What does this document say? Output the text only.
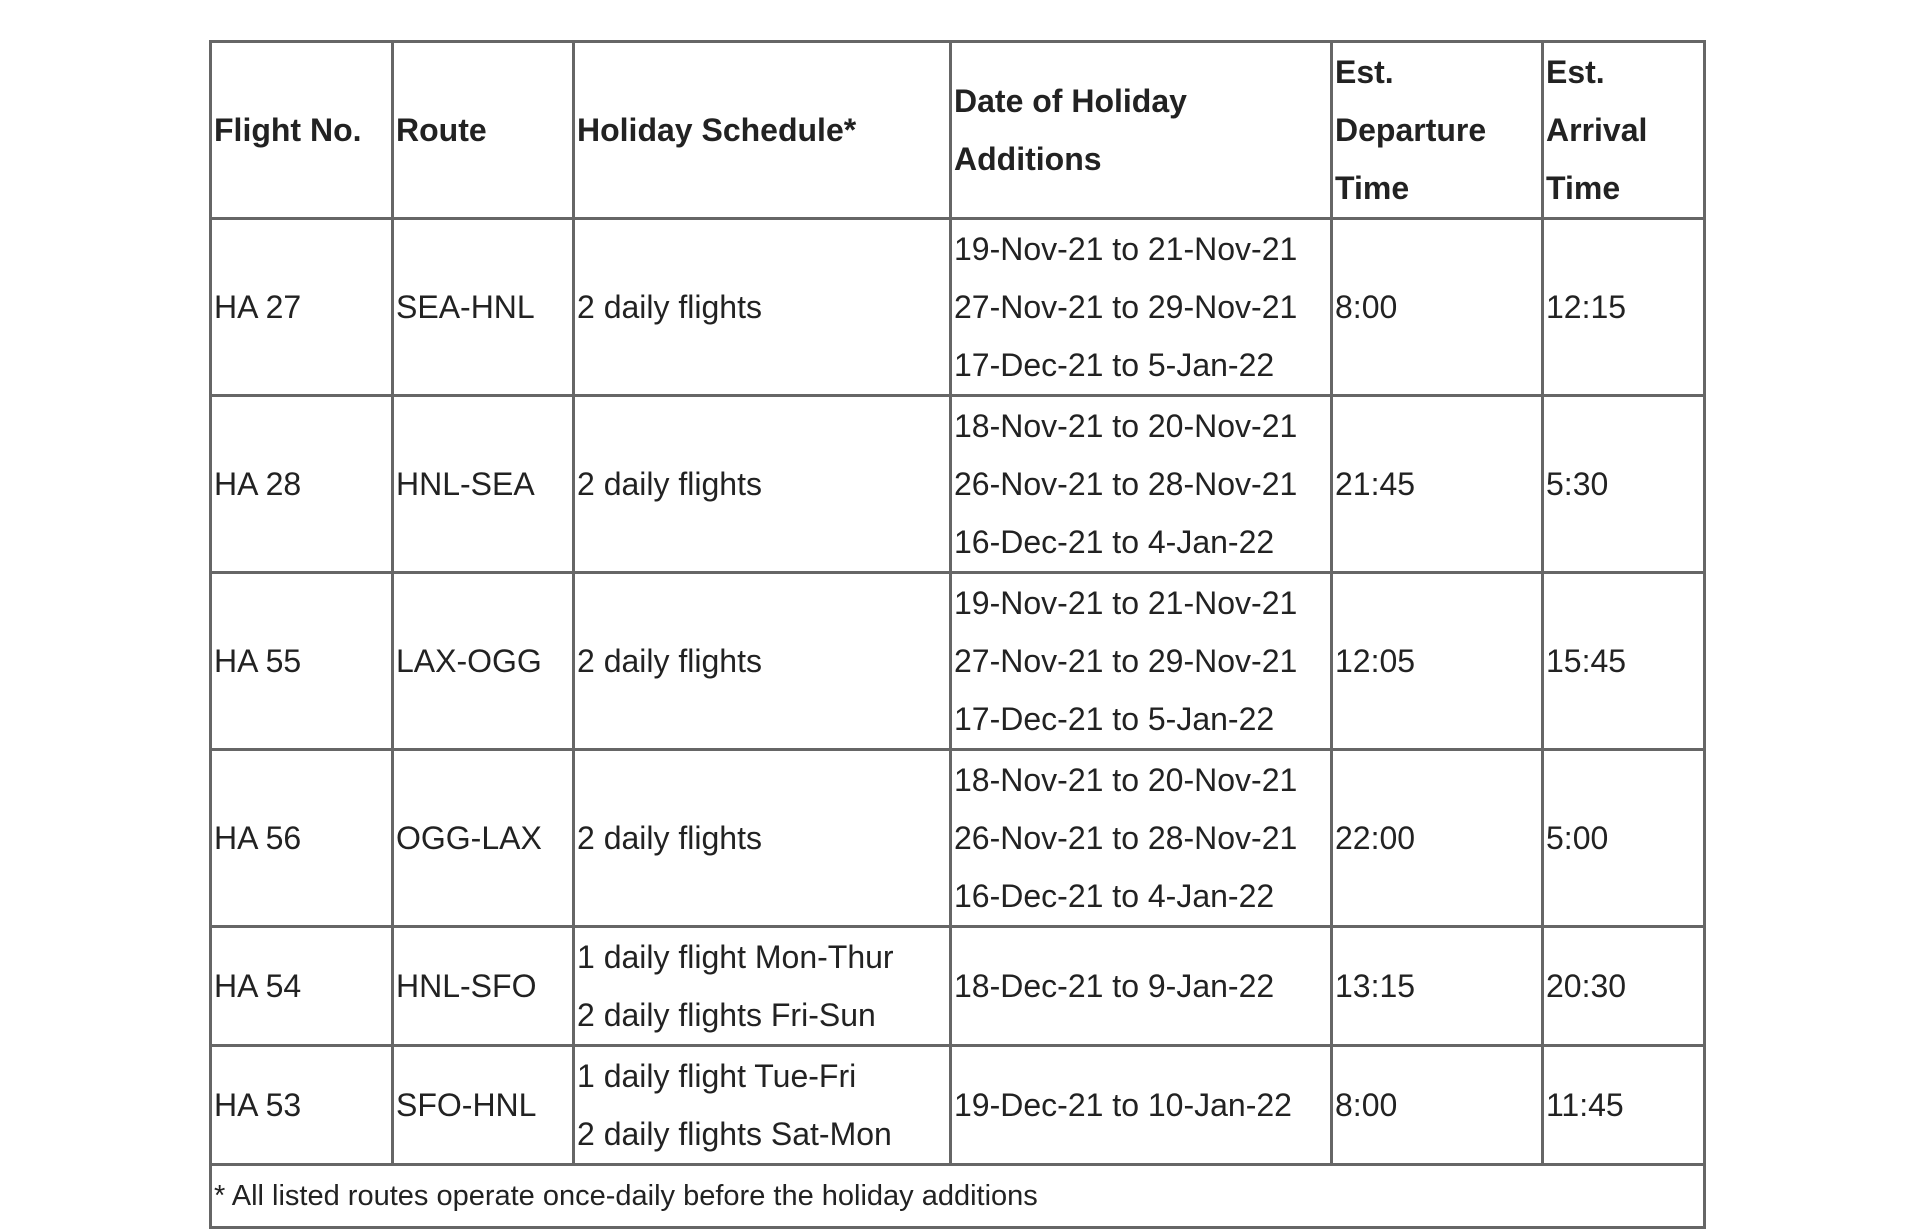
Flight No.	Route	Holiday Schedule*	Date of Holiday Additions	Est. Departure Time	Est. Arrival Time
HA 27	SEA-HNL	2 daily flights	19-Nov-21 to 21-Nov-21
27-Nov-21 to 29-Nov-21
17-Dec-21 to 5-Jan-22	8:00	12:15
HA 28	HNL-SEA	2 daily flights	18-Nov-21 to 20-Nov-21
26-Nov-21 to 28-Nov-21
16-Dec-21 to 4-Jan-22	21:45	5:30
HA 55	LAX-OGG	2 daily flights	19-Nov-21 to 21-Nov-21
27-Nov-21 to 29-Nov-21
17-Dec-21 to 5-Jan-22	12:05	15:45
HA 56	OGG-LAX	2 daily flights	18-Nov-21 to 20-Nov-21
26-Nov-21 to 28-Nov-21
16-Dec-21 to 4-Jan-22	22:00	5:00
HA 54	HNL-SFO	1 daily flight Mon-Thur
2 daily flights Fri-Sun	18-Dec-21 to 9-Jan-22	13:15	20:30
HA 53	SFO-HNL	1 daily flight Tue-Fri
2 daily flights Sat-Mon	19-Dec-21 to 10-Jan-22	8:00	11:45
* All listed routes operate once-daily before the holiday additions					
